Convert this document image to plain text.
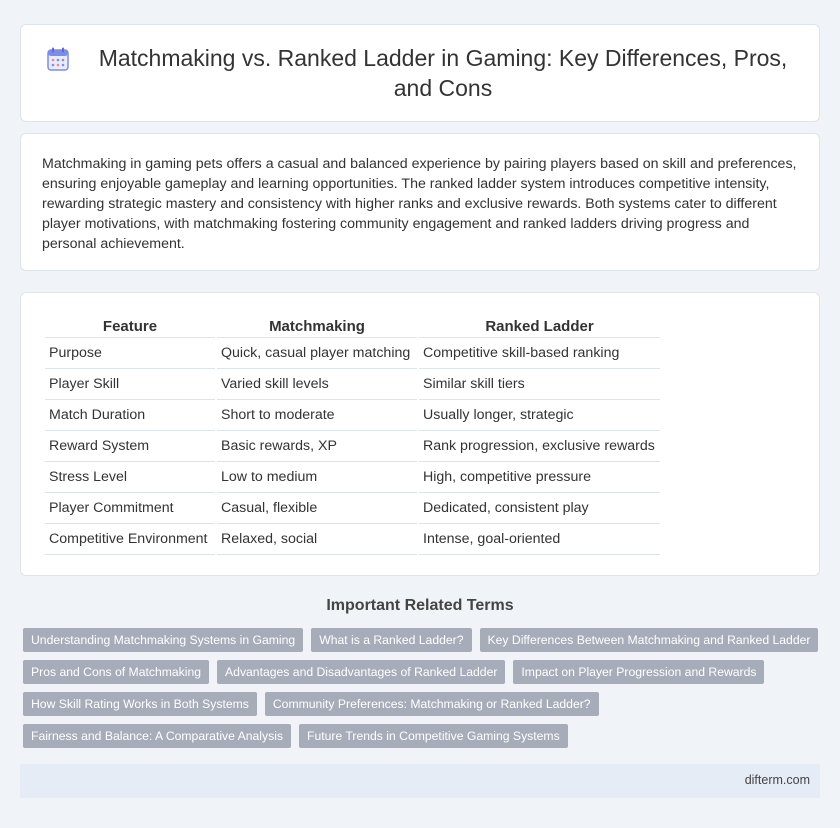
Matchmaking vs. Ranked Ladder in Gaming: Key Differences, Pros, and Cons

Matchmaking in gaming pets offers a casual and balanced experience by pairing players based on skill and preferences, ensuring enjoyable gameplay and learning opportunities. The ranked ladder system introduces competitive intensity, rewarding strategic mastery and consistency with higher ranks and exclusive rewards. Both systems cater to different player motivations, with matchmaking fostering community engagement and ranked ladders driving progress and personal achievement.

Feature	Matchmaking	Ranked Ladder
Purpose	Quick, casual player matching	Competitive skill-based ranking
Player Skill	Varied skill levels	Similar skill tiers
Match Duration	Short to moderate	Usually longer, strategic
Reward System	Basic rewards, XP	Rank progression, exclusive rewards
Stress Level	Low to medium	High, competitive pressure
Player Commitment	Casual, flexible	Dedicated, consistent play
Competitive Environment	Relaxed, social	Intense, goal-oriented
Important Related Terms
Understanding Matchmaking Systems in Gaming	What is a Ranked Ladder?	Key Differences Between Matchmaking and Ranked Ladder
Pros and Cons of Matchmaking	Advantages and Disadvantages of Ranked Ladder	Impact on Player Progression and Rewards
How Skill Rating Works in Both Systems	Community Preferences: Matchmaking or Ranked Ladder?
Fairness and Balance: A Comparative Analysis	Future Trends in Competitive Gaming Systems
difterm.com
